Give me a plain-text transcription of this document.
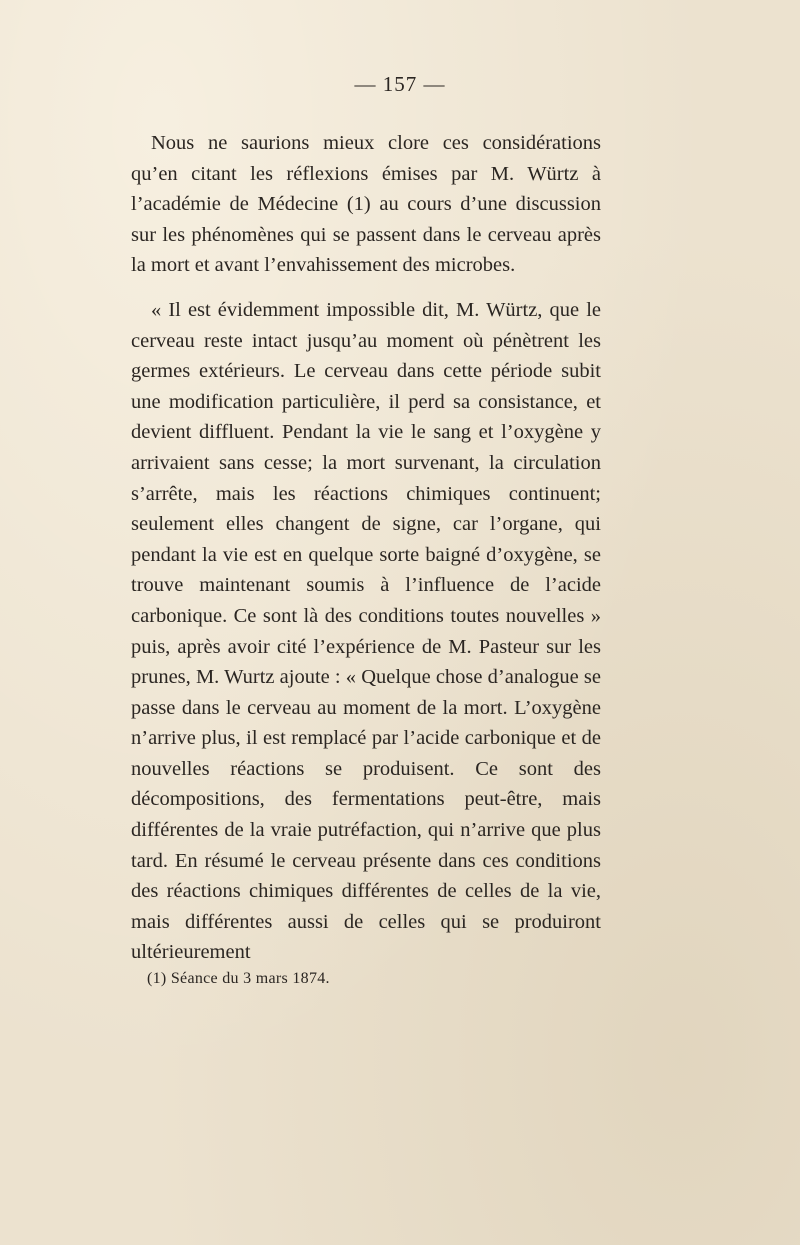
— 157 —

Nous ne saurions mieux clore ces considérations qu’en citant les réflexions émises par M. Würtz à l’académie de Médecine (1) au cours d’une discussion sur les phénomènes qui se passent dans le cerveau après la mort et avant l’envahissement des microbes.

« Il est évidemment impossible dit, M. Würtz, que le cerveau reste intact jusqu’au moment où pénètrent les germes extérieurs. Le cerveau dans cette période subit une modification particulière, il perd sa consistance, et devient diffluent. Pendant la vie le sang et l’oxygène y arrivaient sans cesse; la mort survenant, la circulation s’arrête, mais les réactions chimiques continuent; seulement elles changent de signe, car l’organe, qui pendant la vie est en quelque sorte baigné d’oxygène, se trouve maintenant soumis à l’influence de l’acide carbonique. Ce sont là des conditions toutes nouvelles » puis, après avoir cité l’expérience de M. Pasteur sur les prunes, M. Wurtz ajoute : « Quelque chose d’analogue se passe dans le cerveau au moment de la mort. L’oxygène n’arrive plus, il est remplacé par l’acide carbonique et de nouvelles réactions se produisent. Ce sont des décompositions, des fermentations peut-être, mais différentes de la vraie putréfaction, qui n’arrive que plus tard. En résumé le cerveau présente dans ces conditions des réactions chimiques différentes de celles de la vie, mais différentes aussi de celles qui se produiront ultérieurement

(1) Séance du 3 mars 1874.
